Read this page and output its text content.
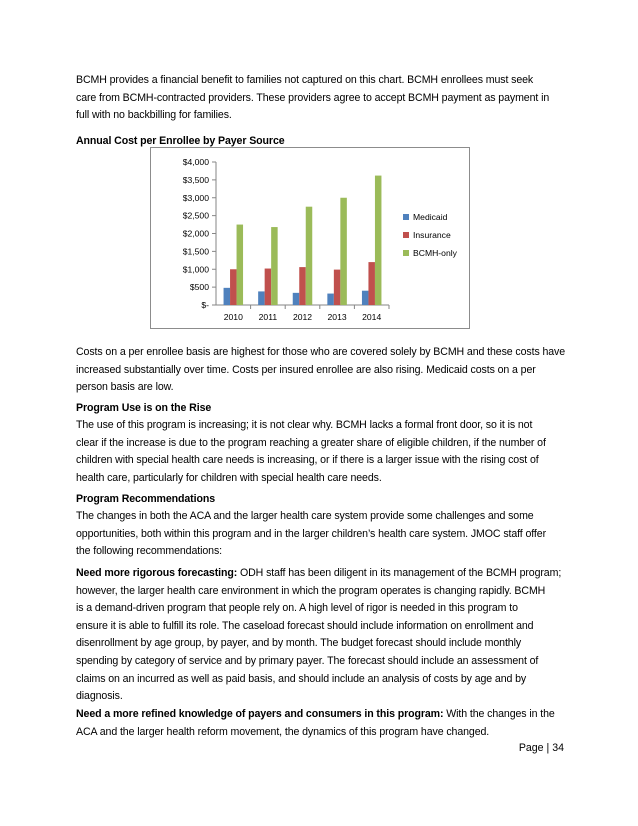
BCMH provides a financial benefit to families not captured on this chart. BCMH enrollees must seek
care from BCMH-contracted providers. These providers agree to accept BCMH payment as payment in
full with no backbilling for families.
Annual Cost per Enrollee by Payer Source
$-
$500
$1,000
$1,500
$2,000
$2,500
$3,000
$3,500
$4,000
2010 2011 2012 2013 2014
Medicaid
Insurance
BCMH-only
Costs on a per enrollee basis are highest for those who are covered solely by BCMH and these costs have
increased substantially over time. Costs per insured enrollee are also rising. Medicaid costs on a per
person basis are low.
Program Use is on the Rise
The use of this program is increasing; it is not clear why. BCMH lacks a formal front door, so it is not
clear if the increase is due to the program reaching a greater share of eligible children, if the number of
children with special health care needs is increasing, or if there is a larger issue with the rising cost of
health care, particularly for children with special health care needs.
Program Recommendations
The changes in both the ACA and the larger health care system provide some challenges and some
opportunities, both within this program and in the larger children’s health care system. JMOC staff offer
the following recommendations:
Need more rigorous forecasting: ODH staff has been diligent in its management of the BCMH program;
however, the larger health care environment in which the program operates is changing rapidly. BCMH
is a demand-driven program that people rely on. A high level of rigor is needed in this program to
ensure it is able to fulfill its role. The caseload forecast should include information on enrollment and
disenrollment by age group, by payer, and by month. The budget forecast should include monthly
spending by category of service and by primary payer. The forecast should include an assessment of
claims on an incurred as well as paid basis, and should include an analysis of costs by age and by
diagnosis.
Need a more refined knowledge of payers and consumers in this program: With the changes in the
ACA and the larger health reform movement, the dynamics of this program have changed.
Page | 34
